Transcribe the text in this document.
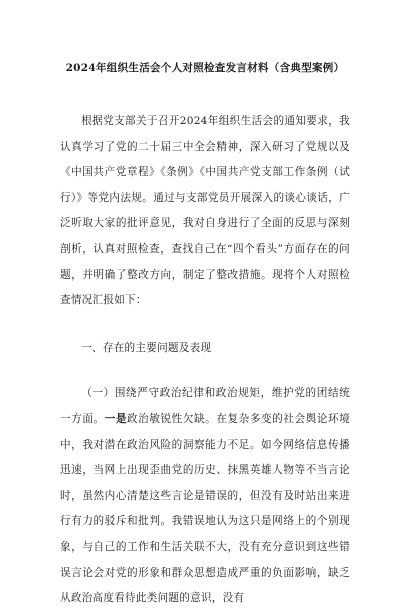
2024年组织生活会个人对照检查发言材料（含典型案例）

根据党支部关于召开2024年组织生活会的通知要求，我认真学习了党的二十届三中全会精神，深入研习了党规以及《中国共产党章程》《条例》《中国共产党支部工作条例（试行）》等党内法规。通过与支部党员开展深入的谈心谈话，广泛听取大家的批评意见，我对自身进行了全面的反思与深刻剖析，认真对照检查，查找自己在“四个看头”方面存在的问题，并明确了整改方向，制定了整改措施。现将个人对照检查情况汇报如下：

一、存在的主要问题及表现

（一）围绕严守政治纪律和政治规矩，维护党的团结统一方面。一是政治敏锐性欠缺。在复杂多变的社会舆论环境中，我对潜在政治风险的洞察能力不足。如今网络信息传播迅速，当网上出现歪曲党的历史、抹黑英雄人物等不当言论时，虽然内心清楚这些言论是错误的，但没有及时站出来进行有力的驳斥和批判。我错误地认为这只是网络上的个别现象，与自己的工作和生活关联不大，没有充分意识到这些错误言论会对党的形象和群众思想造成严重的负面影响，缺乏从政治高度看待此类问题的意识，没有
